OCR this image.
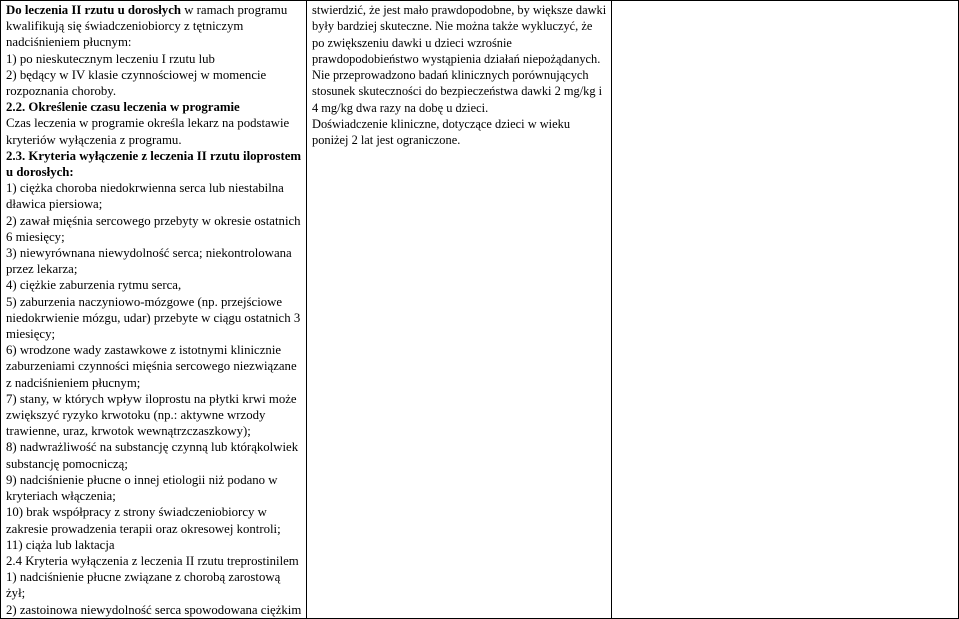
Do leczenia II rzutu u dorosłych w ramach programu kwalifikują się świadczeniobiorcy z tętniczym nadciśnieniem płucnym:

1) po nieskutecznym leczeniu I rzutu lub

2) będący w IV klasie czynnościowej w momencie rozpoznania choroby.

2.2. Określenie czasu leczenia w programie

Czas leczenia w programie określa lekarz na podstawie kryteriów wyłączenia z programu.

2.3. Kryteria wyłączenie z leczenia II rzutu iloprostem u dorosłych:

1) ciężka choroba niedokrwienna serca lub niestabilna dławica piersiowa;

2) zawał mięśnia sercowego przebyty w okresie ostatnich 6 miesięcy;

3) niewyrównana niewydolność serca; niekontrolowana przez lekarza;

4) ciężkie zaburzenia rytmu serca,

5) zaburzenia naczyniowo-mózgowe (np. przejściowe niedokrwienie mózgu, udar) przebyte w ciągu ostatnich 3 miesięcy;

6) wrodzone wady zastawkowe z istotnymi klinicznie zaburzeniami czynności mięśnia sercowego niezwiązane z nadciśnieniem płucnym;

7) stany, w których wpływ iloprostu na płytki krwi może zwiększyć ryzyko krwotoku (np.: aktywne wrzody trawienne, uraz, krwotok wewnątrzczaszkowy);

8) nadwrażliwość na substancję czynną lub którąkolwiek substancję pomocniczą;

9) nadciśnienie płucne o innej etiologii niż podano w kryteriach włączenia;

10) brak współpracy z strony świadczeniobiorcy w zakresie prowadzenia terapii oraz okresowej kontroli;

11) ciąża lub laktacja

2.4 Kryteria wyłączenia z leczenia II rzutu treprostinilem

1) nadciśnienie płucne związane z chorobą zarostową żył;

2) zastoinowa niewydolność serca spowodowana ciężkim

stwierdzić, że jest mało prawdopodobne, by większe dawki były bardziej skuteczne. Nie można także wykluczyć, że po zwiększeniu dawki u dzieci wzrośnie prawdopodobieństwo wystąpienia działań niepożądanych.

Nie przeprowadzono badań klinicznych porównujących stosunek skuteczności do bezpieczeństwa dawki 2 mg/kg i 4 mg/kg dwa razy na dobę u dzieci.

Doświadczenie kliniczne, dotyczące dzieci w wieku poniżej 2 lat jest ograniczone.
